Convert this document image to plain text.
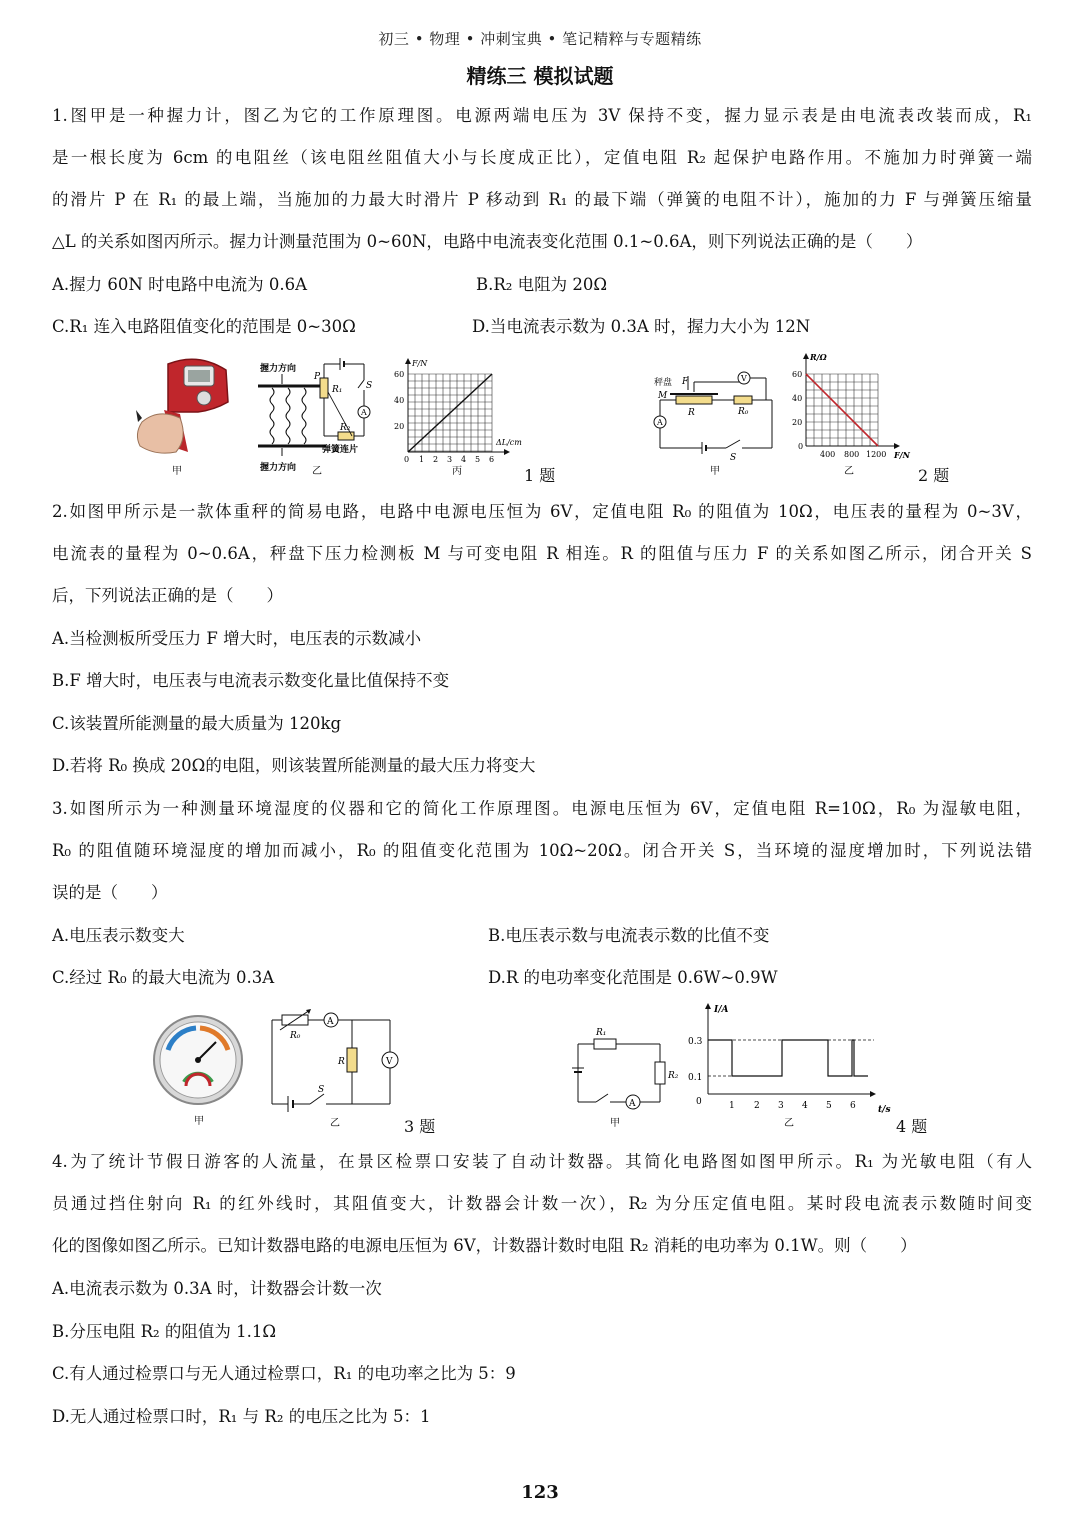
初三 • 物理 • 冲刺宝典 • 笔记精粹与专题精练
精练三 模拟试题
1.图甲是一种握力计，图乙为它的工作原理图。电源两端电压为 3V 保持不变，握力显示表是由电流表改装而成，R₁
是一根长度为 6cm 的电阻丝（该电阻丝阻值大小与长度成正比），定值电阻 R₂ 起保护电路作用。不施加力时弹簧一端
的滑片 P 在 R₁ 的最上端，当施加的力最大时滑片 P 移动到 R₁ 的最下端（弹簧的电阻不计），施加的力 F 与弹簧压缩量
△L 的关系如图丙所示。握力计测量范围为 0~60N，电路中电流表变化范围 0.1~0.6A，则下列说法正确的是（　　）
A.握力 60N 时电路中电流为 0.6A	B.R₂ 电阻为 20Ω
C.R₁ 连入电路阻值变化的范围是 0~30Ω	D.当电流表示数为 0.3A 时，握力大小为 12N
甲
握力方向
握力方向
P
R₁	S
A
R₂
弹簧连片
乙
F/N
ΔL/cm
0
20
40
60
1 2 3 4 5 6
丙	1 题
秤盘
M
F
R
V
R₀
A
S
甲
R/Ω
F/N
0
20
40
60
400 800 1200
乙	2 题
2.如图甲所示是一款体重秤的简易电路，电路中电源电压恒为 6V，定值电阻 R₀ 的阻值为 10Ω，电压表的量程为 0~3V，
电流表的量程为 0~0.6A，秤盘下压力检测板 M 与可变电阻 R 相连。R 的阻值与压力 F 的关系如图乙所示，闭合开关 S
后，下列说法正确的是（　　）
A.当检测板所受压力 F 增大时，电压表的示数减小
B.F 增大时，电压表与电流表示数变化量比值保持不变
C.该装置所能测量的最大质量为 120kg
D.若将 R₀ 换成 20Ω的电阻，则该装置所能测量的最大压力将变大
3.如图所示为一种测量环境湿度的仪器和它的简化工作原理图。电源电压恒为 6V，定值电阻 R=10Ω，R₀ 为湿敏电阻，
R₀ 的阻值随环境湿度的增加而减小，R₀ 的阻值变化范围为 10Ω~20Ω。闭合开关 S，当环境的湿度增加时，下列说法错
误的是（　　）
A.电压表示数变大	B.电压表示数与电流表示数的比值不变
C.经过 R₀ 的最大电流为 0.3A	D.R 的电功率变化范围是 0.6W~0.9W
甲
R₀
A
R	V
S
乙	3 题
R₁
R₂
A
甲
I/A
t/s
0
0.3
0.1
1 2 3 4 5 6
乙	4 题
4.为了统计节假日游客的人流量，在景区检票口安装了自动计数器。其简化电路图如图甲所示。R₁ 为光敏电阻（有人
员通过挡住射向 R₁ 的红外线时，其阻值变大，计数器会计数一次），R₂ 为分压定值电阻。某时段电流表示数随时间变
化的图像如图乙所示。已知计数器电路的电源电压恒为 6V，计数器计数时电阻 R₂ 消耗的电功率为 0.1W。则（　　）
A.电流表示数为 0.3A 时，计数器会计数一次
B.分压电阻 R₂ 的阻值为 1.1Ω
C.有人通过检票口与无人通过检票口，R₁ 的电功率之比为 5：9
D.无人通过检票口时，R₁ 与 R₂ 的电压之比为 5：1
123
